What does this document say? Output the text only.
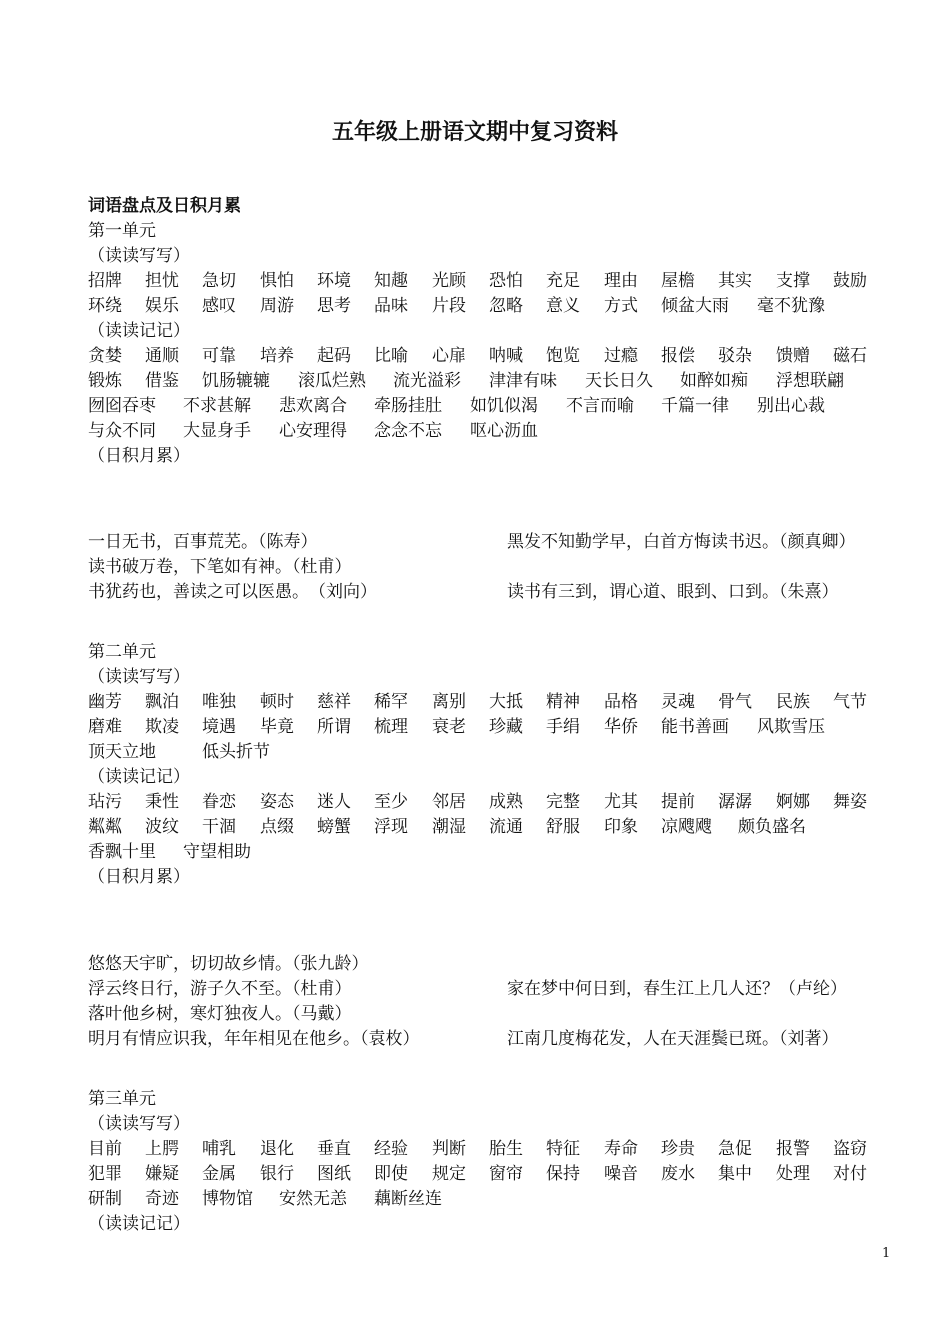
五年级上册语文期中复习资料
词语盘点及日积月累
第一单元
（读读写写）
招牌 担忧 急切 惧怕 环境 知趣 光顾 恐怕 充足 理由 屋檐 其实 支撑 鼓励
环绕 娱乐 感叹 周游 思考 品味 片段 忽略 意义 方式 倾盆大雨 毫不犹豫
（读读记记）
贪婪 通顺 可靠 培养 起码 比喻 心扉 呐喊 饱览 过瘾 报偿 驳杂 馈赠 磁石
锻炼 借鉴 饥肠辘辘 滚瓜烂熟 流光溢彩 津津有味 天长日久 如醉如痴 浮想联翩
囫囵吞枣 不求甚解 悲欢离合 牵肠挂肚 如饥似渴 不言而喻 千篇一律 别出心裁
与众不同 大显身手 心安理得 念念不忘 呕心沥血
（日积月累）
一日无书，百事荒芜。（陈寿）	黑发不知勤学早，白首方悔读书迟。（颜真卿）
读书破万卷，下笔如有神。（杜甫）
书犹药也，善读之可以医愚。　（刘向）	读书有三到，谓心道、眼到、口到。（朱熹）
第二单元
（读读写写）
幽芳 飘泊 唯独 顿时 慈祥 稀罕 离别 大抵 精神 品格 灵魂 骨气 民族 气节
磨难 欺凌 境遇 毕竟 所谓 梳理 衰老 珍藏 手绢 华侨 能书善画 风欺雪压
顶天立地	低头折节
（读读记记）
玷污 秉性 眷恋 姿态 迷人 至少 邻居 成熟 完整 尤其 提前 潺潺 婀娜 舞姿
粼粼 波纹 干涸 点缀 螃蟹 浮现 潮湿 流通 舒服 印象 凉飕飕 颇负盛名
香飘十里 守望相助
（日积月累）
悠悠天宇旷，切切故乡情。（张九龄）
浮云终日行，游子久不至。（杜甫）	家在梦中何日到，春生江上几人还？（卢纶）
落叶他乡树，寒灯独夜人。（马戴）
明月有情应识我，年年相见在他乡。（袁枚）	江南几度梅花发，人在天涯鬓已斑。（刘著）
第三单元
（读读写写）
目前 上腭 哺乳 退化 垂直 经验 判断 胎生 特征 寿命 珍贵 急促 报警 盗窃
犯罪 嫌疑 金属 银行 图纸 即使 规定 窗帘 保持 噪音 废水 集中 处理 对付
研制 奇迹 博物馆 安然无恙 藕断丝连
（读读记记）
1
